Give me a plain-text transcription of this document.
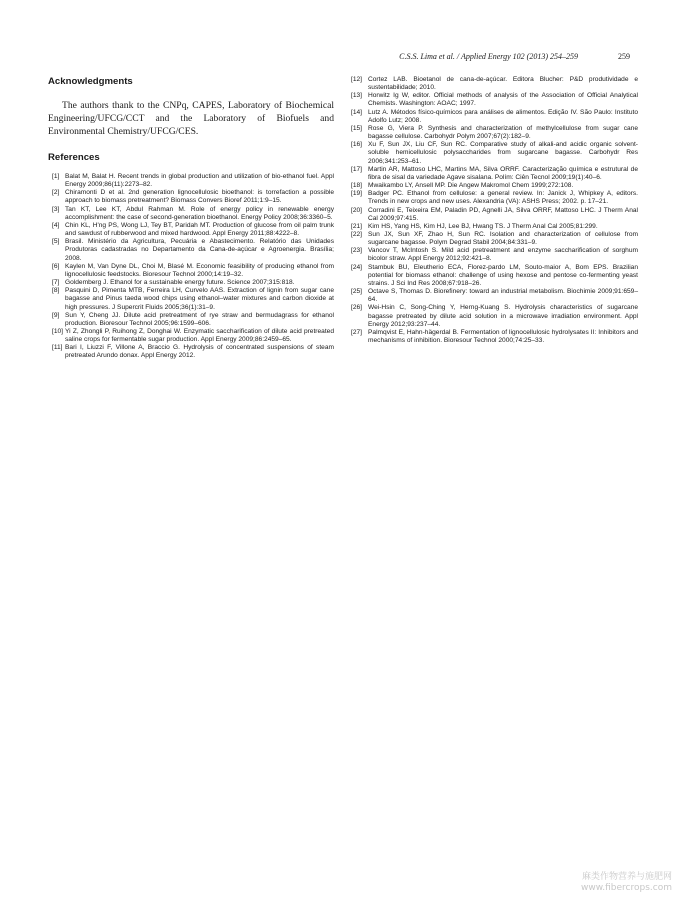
C.S.S. Lima et al. / Applied Energy 102 (2013) 254–259	259
Acknowledgments

The authors thank to the CNPq, CAPES, Laboratory of Biochemical Engineering/UFCG/CCT and the Laboratory of Biofuels and Environmental Chemistry/UFCG/CES.

References
[1] Balat M, Balat H. Recent trends in global production and utilization of bio-ethanol fuel. Appl Energy 2009;86(11):2273–82.
[2] Chiramonti D et al. 2nd generation lignocellulosic bioethanol: is torrefaction a possible approach to biomass pretreatment? Biomass Convers Bioref 2011;1:9–15.
[3] Tan KT, Lee KT, Abdul Rahman M. Role of energy policy in renewable energy accomplishment: the case of second-generation bioethanol. Energy Policy 2008;36:3360–5.
[4] Chin KL, H'ng PS, Wong LJ, Tey BT, Paridah MT. Production of glucose from oil palm trunk and sawdust of rubberwood and mixed hardwood. Appl Energy 2011;88:4222–8.
[5] Brasil. Ministério da Agricultura, Pecuária e Abastecimento. Relatório das Unidades Produtoras cadastradas no Departamento da Cana-de-açúcar e Agroenergia. Brasília; 2008.
[6] Kaylen M, Van Dyne DL, Choi M, Blasé M. Economic feasibility of producing ethanol from lignocellulosic feedstocks. Bioresour Technol 2000;14:19–32.
[7] Goldemberg J. Ethanol for a sustainable energy future. Science 2007;315:818.
[8] Pasquini D, Pimenta MTB, Ferreira LH, Curvelo AAS. Extraction of lignin from sugar cane bagasse and Pinus taeda wood chips using ethanol–water mixtures and carbon dioxide at high pressures. J Supercrit Fluids 2005;36(1):31–9.
[9] Sun Y, Cheng JJ. Dilute acid pretreatment of rye straw and bermudagrass for ethanol production. Bioresour Technol 2005;96:1599–606.
[10] Yi Z, Zhongli P, Ruihong Z, Donghai W. Enzymatic saccharification of dilute acid pretreated saline crops for fermentable sugar production. Appl Energy 2009;86:2459–65.
[11] Bari I, Liuzzi F, Villone A, Braccio G. Hydrolysis of concentrated suspensions of steam pretreated Arundo donax. Appl Energy 2012.
[12] Cortez LAB. Bioetanol de cana-de-açúcar. Editora Blucher: P&D produtividade e sustentabilidade; 2010.
[13] Horwitz Ig W, editor. Official methods of analysis of the Association of Official Analytical Chemists. Washington: AOAC; 1997.
[14] Lutz A. Métodos físico-químicos para análises de alimentos. Edição IV. São Paulo: Instituto Adolfo Lutz; 2008.
[15] Rose G, Viera P. Synthesis and characterization of methylcellulose from sugar cane bagasse cellulose. Carbohydr Polym 2007;67(2):182–9.
[16] Xu F, Sun JX, Liu CF, Sun RC. Comparative study of alkali-and acidic organic solvent-soluble hemicellulosic polysaccharides from sugarcane bagasse. Carbohydr Res 2006;341:253–61.
[17] Martin AR, Mattoso LHC, Martins MA, Silva ORRF. Caracterização química e estrutural de fibra de sisal da variedade Agave sisalana. Polím: Ciên Tecnol 2009;19(1):40–6.
[18] Mwaikambo LY, Ansell MP. Die Angew Makromol Chem 1999;272:108.
[19] Badger PC. Ethanol from cellulose: a general review. In: Janick J, Whipkey A, editors. Trends in new crops and new uses. Alexandria (VA): ASHS Press; 2002. p. 17–21.
[20] Corradini E, Teixeira EM, Paladin PD, Agnelli JA, Silva ORRF, Mattoso LHC. J Therm Anal Cal 2009;97:415.
[21] Kim HS, Yang HS, Kim HJ, Lee BJ, Hwang TS. J Therm Anal Cal 2005;81:299.
[22] Sun JX, Sun XF, Zhao H, Sun RC. Isolation and characterization of cellulose from sugarcane bagasse. Polym Degrad Stabil 2004;84:331–9.
[23] Vancov T, McIntosh S. Mild acid pretreatment and enzyme saccharification of sorghum bicolor straw. Appl Energy 2012;92:421–8.
[24] Stambuk BU, Eleutherio ECA, Florez-pardo LM, Souto-maior A, Bom EPS. Brazilian potential for biomass ethanol: challenge of using hexose and pentose co-fermenting yeast strains. J Sci Ind Res 2008;67:918–26.
[25] Octave S, Thomas D. Biorefinery: toward an industrial metabolism. Biochimie 2009;91:659–64.
[26] Wei-Hsin C, Song-Ching Y, Herng-Kuang S. Hydrolysis characteristics of sugarcane bagasse pretreated by dilute acid solution in a microwave irradiation environment. Appl Energy 2012;93:237–44.
[27] Palmqvist E, Hahn-hägerdal B. Fermentation of lignocellulosic hydrolysates II: Inhibitors and mechanisms of inhibition. Bioresour Technol 2000;74:25–33.
麻类作物营养与施肥网
www.fibercrops.com
